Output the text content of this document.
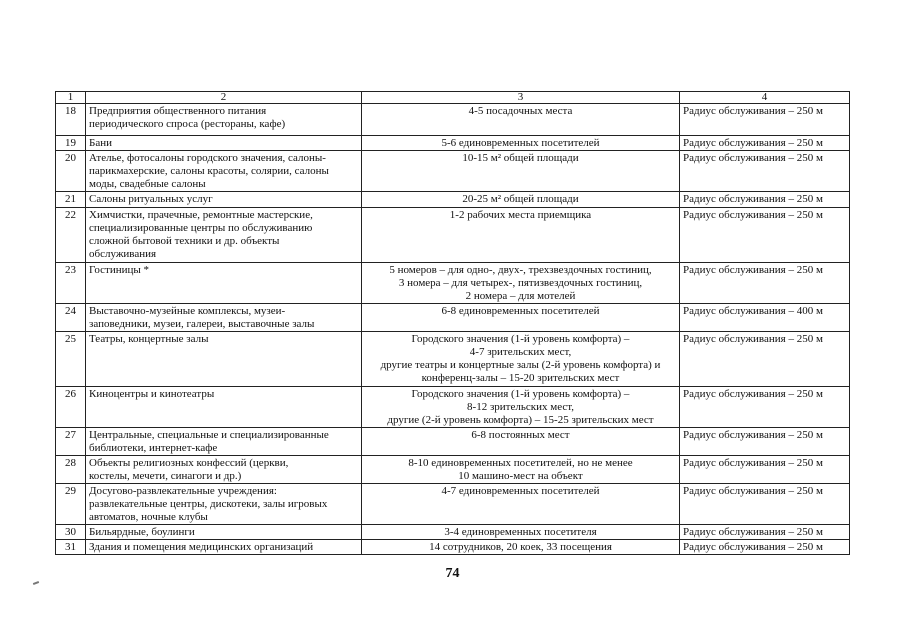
1	2	3	4
18	Предприятия общественного питания
периодического спроса (рестораны, кафе)	4-5 посадочных места	Радиус обслуживания – 250 м
19	Бани	5-6 единовременных посетителей	Радиус обслуживания – 250 м
20	Ателье, фотосалоны городского значения, салоны-
парикмахерские, салоны красоты, солярии, салоны
моды, свадебные салоны	10-15 м² общей площади	Радиус обслуживания – 250 м
21	Салоны ритуальных услуг	20-25 м² общей площади	Радиус обслуживания – 250 м
22	Химчистки, прачечные, ремонтные мастерские,
специализированные центры по обслуживанию
сложной бытовой техники и др. объекты
обслуживания	1-2 рабочих места приемщика	Радиус обслуживания – 250 м
23	Гостиницы *	5 номеров – для одно-, двух-, трехзвездочных гостиниц,
3 номера – для четырех-, пятизвездочных гостиниц,
2 номера – для мотелей	Радиус обслуживания – 250 м
24	Выставочно-музейные комплексы, музеи-
заповедники, музеи, галереи, выставочные залы	6-8 единовременных посетителей	Радиус обслуживания – 400 м
25	Театры, концертные залы	Городского значения (1-й уровень комфорта) –
4-7 зрительских мест,
другие театры и концертные залы (2-й уровень комфорта) и
конференц-залы – 15-20 зрительских мест	Радиус обслуживания – 250 м
26	Киноцентры и кинотеатры	Городского значения (1-й уровень комфорта) –
8-12 зрительских мест,
другие (2-й уровень комфорта) – 15-25 зрительских мест	Радиус обслуживания – 250 м
27	Центральные, специальные и специализированные
библиотеки, интернет-кафе	6-8 постоянных мест	Радиус обслуживания – 250 м
28	Объекты религиозных конфессий (церкви,
костелы, мечети, синагоги и др.)	8-10 единовременных посетителей, но не менее
10 машино-мест на объект	Радиус обслуживания – 250 м
29	Досугово-развлекательные учреждения:
развлекательные центры, дискотеки, залы игровых
автоматов, ночные клубы	4-7 единовременных посетителей	Радиус обслуживания – 250 м
30	Бильярдные, боулинги	3-4 единовременных посетителя	Радиус обслуживания – 250 м
31	Здания и помещения медицинских организаций	14 сотрудников, 20 коек, 33 посещения	Радиус обслуживания – 250 м
74
